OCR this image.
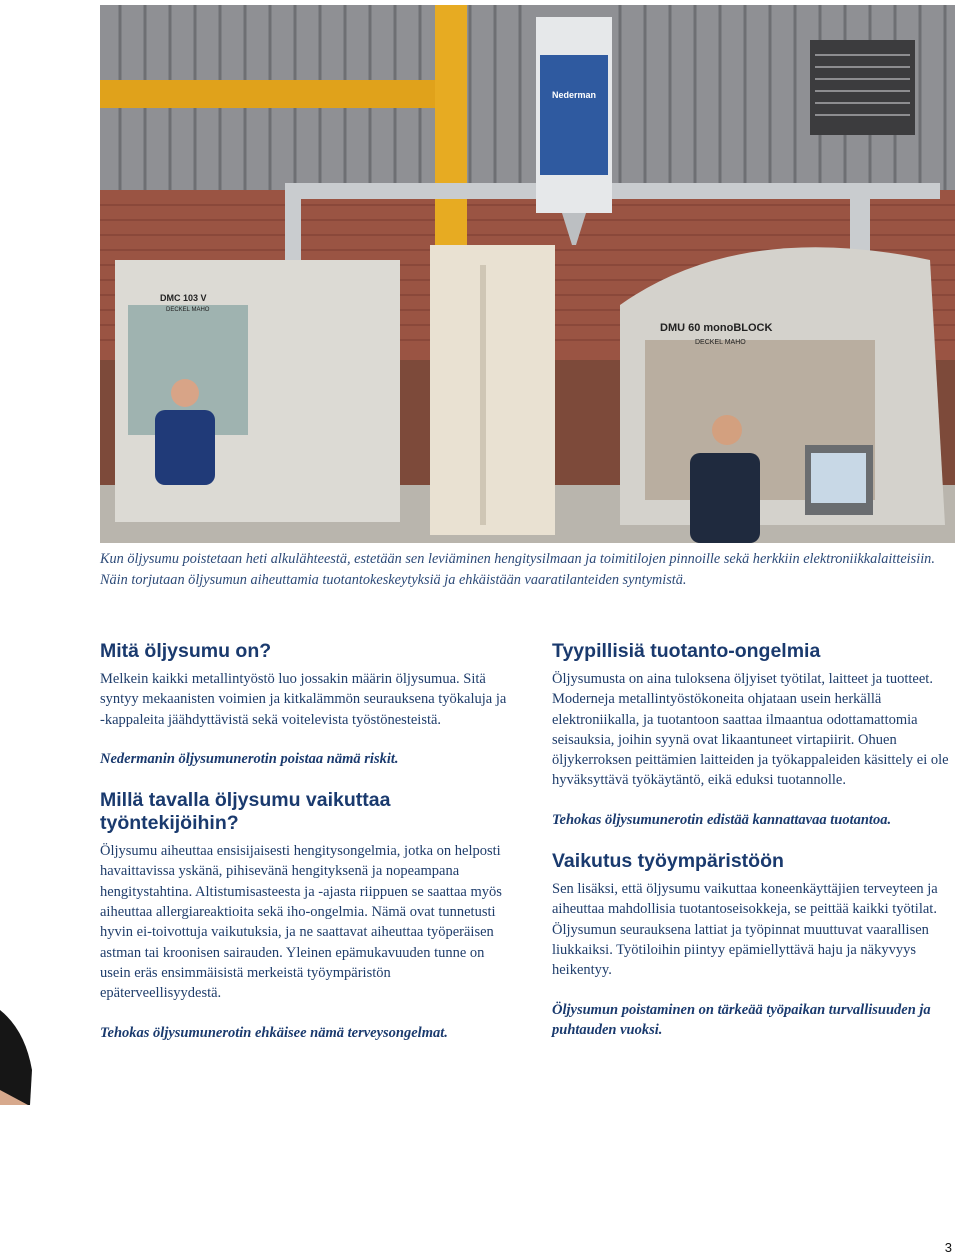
Nederman
DMC 103 V
DECKEL MAHO
DMU 60 monoBLOCK
DECKEL MAHO
Kun öljysumu poistetaan heti alkulähteestä, estetään sen leviäminen hengitysilmaan ja toimitilojen pinnoille sekä herkkiin elektroniikkalaitteisiin. Näin torjutaan öljysumun aiheuttamia tuotantokeskeytyksiä ja ehkäistään vaaratilanteiden syntymistä.
Mitä öljysumu on?

Melkein kaikki metallintyöstö luo jossakin määrin öljysumua. Sitä syntyy mekaanisten voimien ja kitkalämmön seurauksena työkaluja ja -kappaleita jäähdyttävistä sekä voitelevista työstönesteistä.

Nedermanin öljysumunerotin poistaa nämä riskit.

Millä tavalla öljysumu vaikuttaa työntekijöihin?

Öljysumu aiheuttaa ensisijaisesti hengitysongelmia, jotka on helposti havaittavissa yskänä, pihisevänä hengityksenä ja nopeampana hengitystahtina. Altistumisasteesta ja -ajasta riippuen se saattaa myös aiheuttaa allergiareaktioita sekä iho-ongelmia. Nämä ovat tunnetusti hyvin ei-toivottuja vaikutuksia, ja ne saattavat aiheuttaa työperäisen astman tai kroonisen sairauden. Yleinen epämukavuuden tunne on usein eräs ensimmäisistä merkeistä työympäristön epäterveellisyydestä.

Tehokas öljysumunerotin ehkäisee nämä terveysongelmat.

Tyypillisiä tuotanto-ongelmia

Öljysumusta on aina tuloksena öljyiset työtilat, laitteet ja tuotteet. Moderneja metallintyöstökoneita ohjataan usein herkällä elektroniikalla, ja tuotantoon saattaa ilmaantua odottamattomia seisauksia, joihin syynä ovat likaantuneet virtapiirit. Ohuen öljykerroksen peittämien laitteiden ja työkappaleiden käsittely ei ole hyväksyttävä työkäytäntö, eikä eduksi tuotannolle.

Tehokas öljysumunerotin edistää kannattavaa tuotantoa.

Vaikutus työympäristöön

Sen lisäksi, että öljysumu vaikuttaa koneenkäyttäjien terveyteen ja aiheuttaa mahdollisia tuotantoseisokkeja, se peittää kaikki työtilat. Öljysumun seurauksena lattiat ja työpinnat muuttuvat vaarallisen liukkaiksi. Työtiloihin piintyy epämiellyttävä haju ja näkyvyys heikentyy.

Öljysumun poistaminen on tärkeää työpaikan turvallisuuden ja puhtauden vuoksi.

3
